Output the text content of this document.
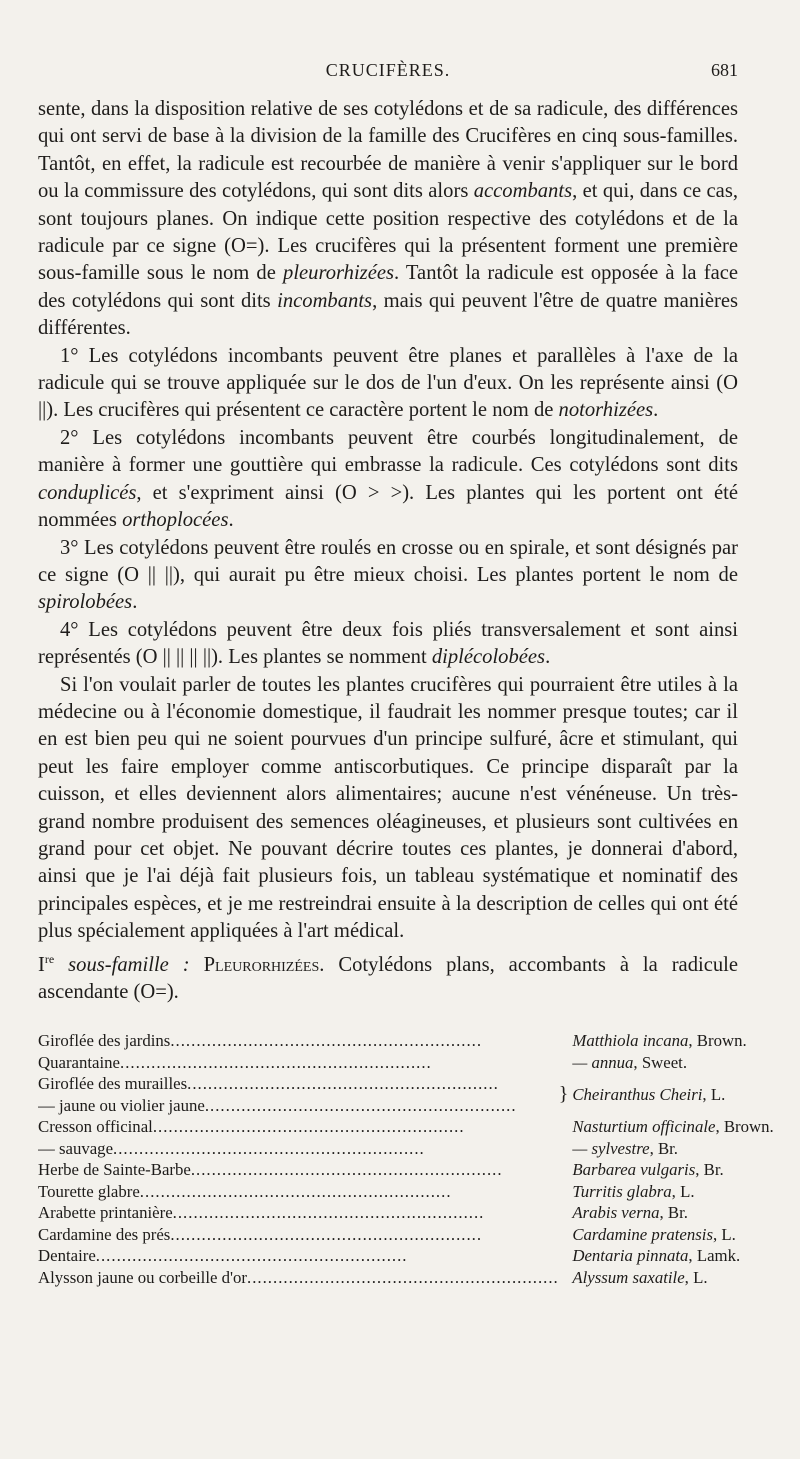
CRUCIFÈRES.	681

sente, dans la disposition relative de ses cotylédons et de sa radicule, des différences qui ont servi de base à la division de la famille des Crucifères en cinq sous-familles. Tantôt, en effet, la radicule est recourbée de manière à venir s'appliquer sur le bord ou la commissure des cotylédons, qui sont dits alors accombants, et qui, dans ce cas, sont toujours planes. On indique cette position respective des cotylédons et de la radicule par ce signe (O=). Les crucifères qui la présentent forment une première sous-famille sous le nom de pleurorhizées. Tantôt la radicule est opposée à la face des cotylédons qui sont dits incombants, mais qui peuvent l'être de quatre manières différentes.

1° Les cotylédons incombants peuvent être planes et parallèles à l'axe de la radicule qui se trouve appliquée sur le dos de l'un d'eux. On les représente ainsi (O ||). Les crucifères qui présentent ce caractère portent le nom de notorhizées.

2° Les cotylédons incombants peuvent être courbés longitudinalement, de manière à former une gouttière qui embrasse la radicule. Ces cotylédons sont dits conduplicés, et s'expriment ainsi (O > >). Les plantes qui les portent ont été nommées orthoplocées.

3° Les cotylédons peuvent être roulés en crosse ou en spirale, et sont désignés par ce signe (O || ||), qui aurait pu être mieux choisi. Les plantes portent le nom de spirolobées.

4° Les cotylédons peuvent être deux fois pliés transversalement et sont ainsi représentés (O || || || ||). Les plantes se nomment diplécolobées.

Si l'on voulait parler de toutes les plantes crucifères qui pourraient être utiles à la médecine ou à l'économie domestique, il faudrait les nommer presque toutes; car il en est bien peu qui ne soient pourvues d'un principe sulfuré, âcre et stimulant, qui peut les faire employer comme antiscorbutiques. Ce principe disparaît par la cuisson, et elles deviennent alors alimentaires; aucune n'est vénéneuse. Un très-grand nombre produisent des semences oléagineuses, et plusieurs sont cultivées en grand pour cet objet. Ne pouvant décrire toutes ces plantes, je donnerai d'abord, ainsi que je l'ai déjà fait plusieurs fois, un tableau systématique et nominatif des principales espèces, et je me restreindrai ensuite à la description de celles qui ont été plus spécialement appliquées à l'art médical.

Ire sous-famille : Pleurorhizées. Cotylédons plans, accombants à la radicule ascendante (O=).

Giroflée des jardins............................................................		Matthiola incana, Brown.
Quarantaine............................................................		— annua, Sweet.
Giroflée des murailles............................................................	}	Cheiranthus Cheiri, L.
— jaune ou violier jaune............................................................		
Cresson officinal............................................................		Nasturtium officinale, Brown.
— sauvage............................................................		— sylvestre, Br.
Herbe de Sainte-Barbe............................................................		Barbarea vulgaris, Br.
Tourette glabre............................................................		Turritis glabra, L.
Arabette printanière............................................................		Arabis verna, Br.
Cardamine des prés............................................................		Cardamine pratensis, L.
Dentaire............................................................		Dentaria pinnata, Lamk.
Alysson jaune ou corbeille d'or............................................................		Alyssum saxatile, L.
